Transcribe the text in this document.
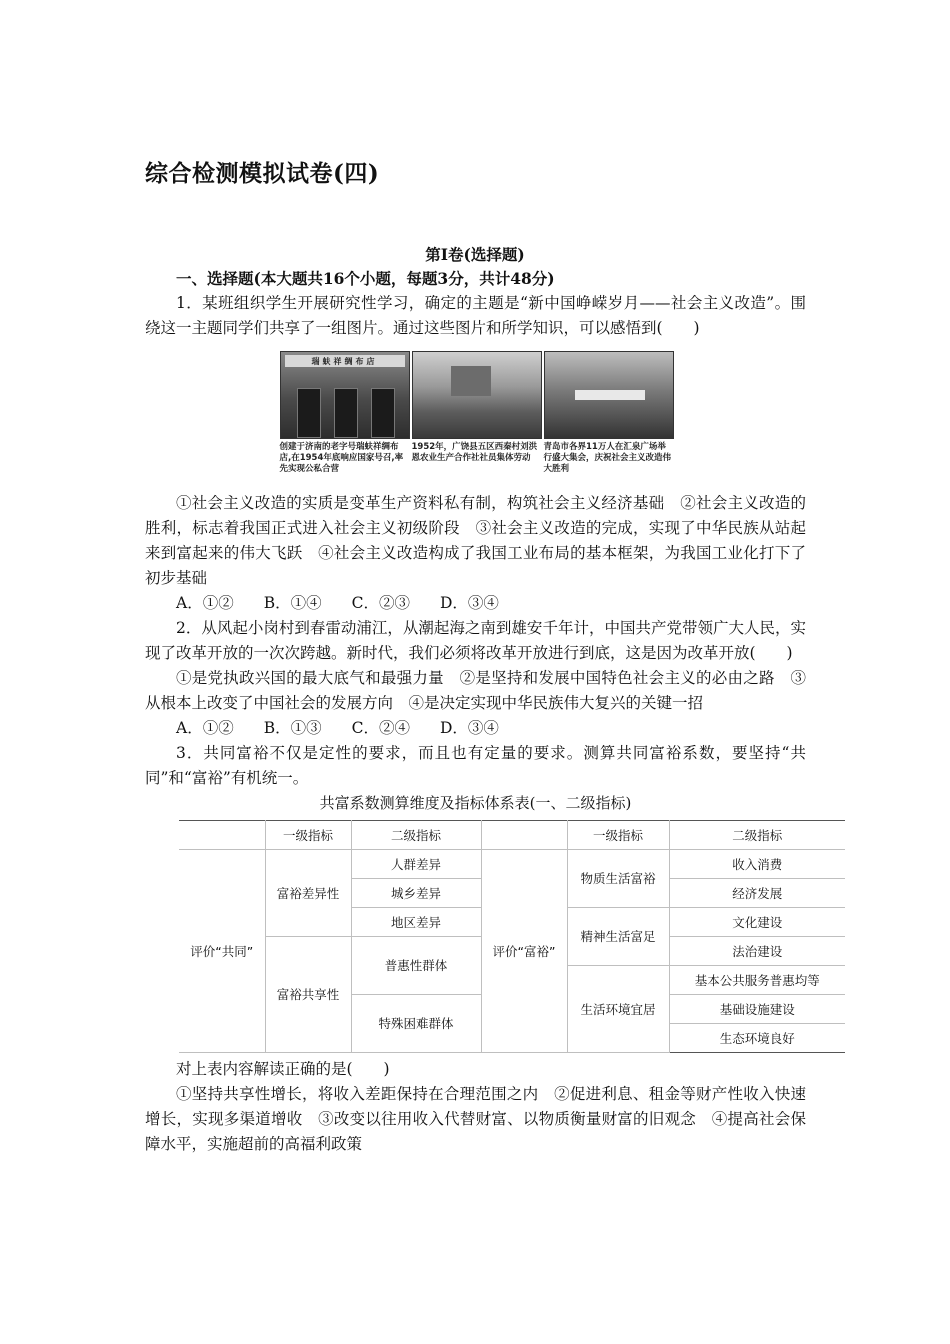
综合检测模拟试卷(四)
第Ⅰ卷(选择题)
一、选择题(本大题共16个小题，每题3分，共计48分)

1．某班组织学生开展研究性学习，确定的主题是“新中国峥嵘岁月——社会主义改造”。围绕这一主题同学们共享了一组图片。通过这些图片和所学知识，可以感悟到(　　)

瑞蚨祥绸布店
创建于济南的老字号瑞蚨祥绸布店,在1954年底响应国家号召,率先实现公私合营
1952年，广饶县五区西秦村刘洪恩农业生产合作社社员集体劳动
青岛市各界11万人在汇泉广场举行盛大集会，庆祝社会主义改造伟大胜利

①社会主义改造的实质是变革生产资料私有制，构筑社会主义经济基础　②社会主义改造的胜利，标志着我国正式进入社会主义初级阶段　③社会主义改造的完成，实现了中华民族从站起来到富起来的伟大飞跃　④社会主义改造构成了我国工业布局的基本框架，为我国工业化打下了初步基础

A．①② B．①④ C．②③ D．③④

2．从风起小岗村到春雷动浦江，从潮起海之南到雄安千年计，中国共产党带领广大人民，实现了改革开放的一次次跨越。新时代，我们必须将改革开放进行到底，这是因为改革开放(　　)

①是党执政兴国的最大底气和最强力量　②是坚持和发展中国特色社会主义的必由之路　③从根本上改变了中国社会的发展方向　④是决定实现中华民族伟大复兴的关键一招

A．①② B．①③ C．②④ D．③④

3．共同富裕不仅是定性的要求，而且也有定量的要求。测算共同富裕系数，要坚持“共同”和“富裕”有机统一。

共富系数测算维度及指标体系表(一、二级指标)
	一级指标	二级指标		一级指标	二级指标
评价“共同”	富裕差异性	人群差异	评价“富裕”	物质生活富裕	收入消费
		城乡差异			经济发展
		地区差异		精神生活富足	文化建设
	富裕共享性	普惠性群体			法治建设
				生活环境宜居	基本公共服务普惠均等
		特殊困难群体			基础设施建设
					生态环境良好

对上表内容解读正确的是(　　)

①坚持共享性增长，将收入差距保持在合理范围之内　②促进利息、租金等财产性收入快速增长，实现多渠道增收　③改变以往用收入代替财富、以物质衡量财富的旧观念　④提高社会保障水平，实施超前的高福利政策
